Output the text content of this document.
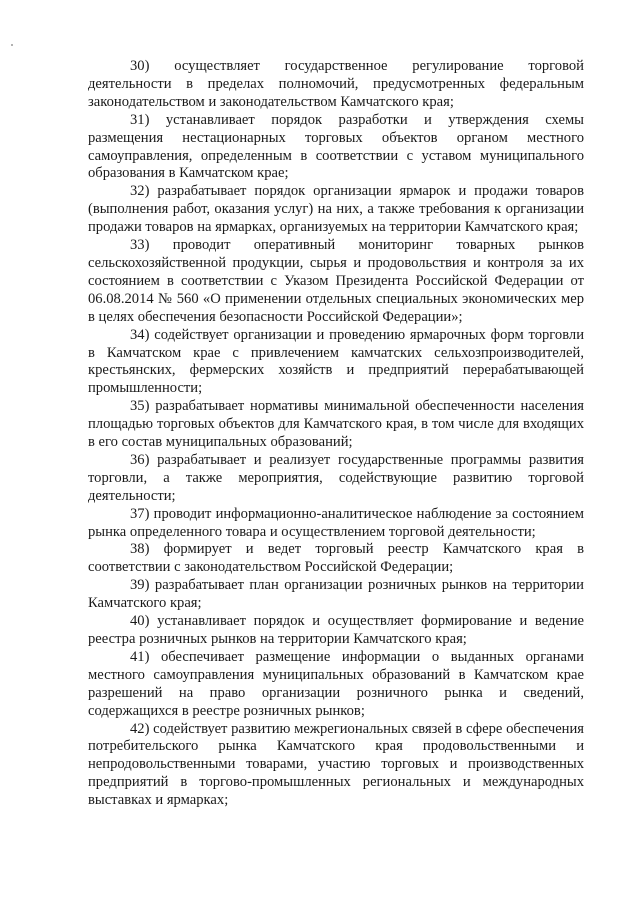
30) осуществляет государственное регулирование торговой деятельности в пределах полномочий, предусмотренных федеральным законодательством и законодательством Камчатского края;

31) устанавливает порядок разработки и утверждения схемы размещения нестационарных торговых объектов органом местного самоуправления, определенным в соответствии с уставом муниципального образования в Камчатском крае;

32) разрабатывает порядок организации ярмарок и продажи товаров (выполнения работ, оказания услуг) на них, а также требования к организации продажи товаров на ярмарках, организуемых на территории Камчатского края;

33) проводит оперативный мониторинг товарных рынков сельскохозяйственной продукции, сырья и продовольствия и контроля за их состоянием в соответствии с Указом Президента Российской Федерации от 06.08.2014 № 560 «О применении отдельных специальных экономических мер в целях обеспечения безопасности Российской Федерации»;

34) содействует организации и проведению ярмарочных форм торговли в Камчатском крае с привлечением камчатских сельхозпроизводителей, крестьянских, фермерских хозяйств и предприятий перерабатывающей промышленности;

35) разрабатывает нормативы минимальной обеспеченности населения площадью торговых объектов для Камчатского края, в том числе для входящих в его состав муниципальных образований;

36) разрабатывает и реализует государственные программы развития торговли, а также мероприятия, содействующие развитию торговой деятельности;

37) проводит информационно-аналитическое наблюдение за состоянием рынка определенного товара и осуществлением торговой деятельности;

38) формирует и ведет торговый реестр Камчатского края в соответствии с законодательством Российской Федерации;

39) разрабатывает план организации розничных рынков на территории Камчатского края;

40) устанавливает порядок и осуществляет формирование и ведение реестра розничных рынков на территории Камчатского края;

41) обеспечивает размещение информации о выданных органами местного самоуправления муниципальных образований в Камчатском крае разрешений на право организации розничного рынка и сведений, содержащихся в реестре розничных рынков;

42) содействует развитию межрегиональных связей в сфере обеспечения потребительского рынка Камчатского края продовольственными и непродовольственными товарами, участию торговых и производственных предприятий в торгово-промышленных региональных и международных выставках и ярмарках;
